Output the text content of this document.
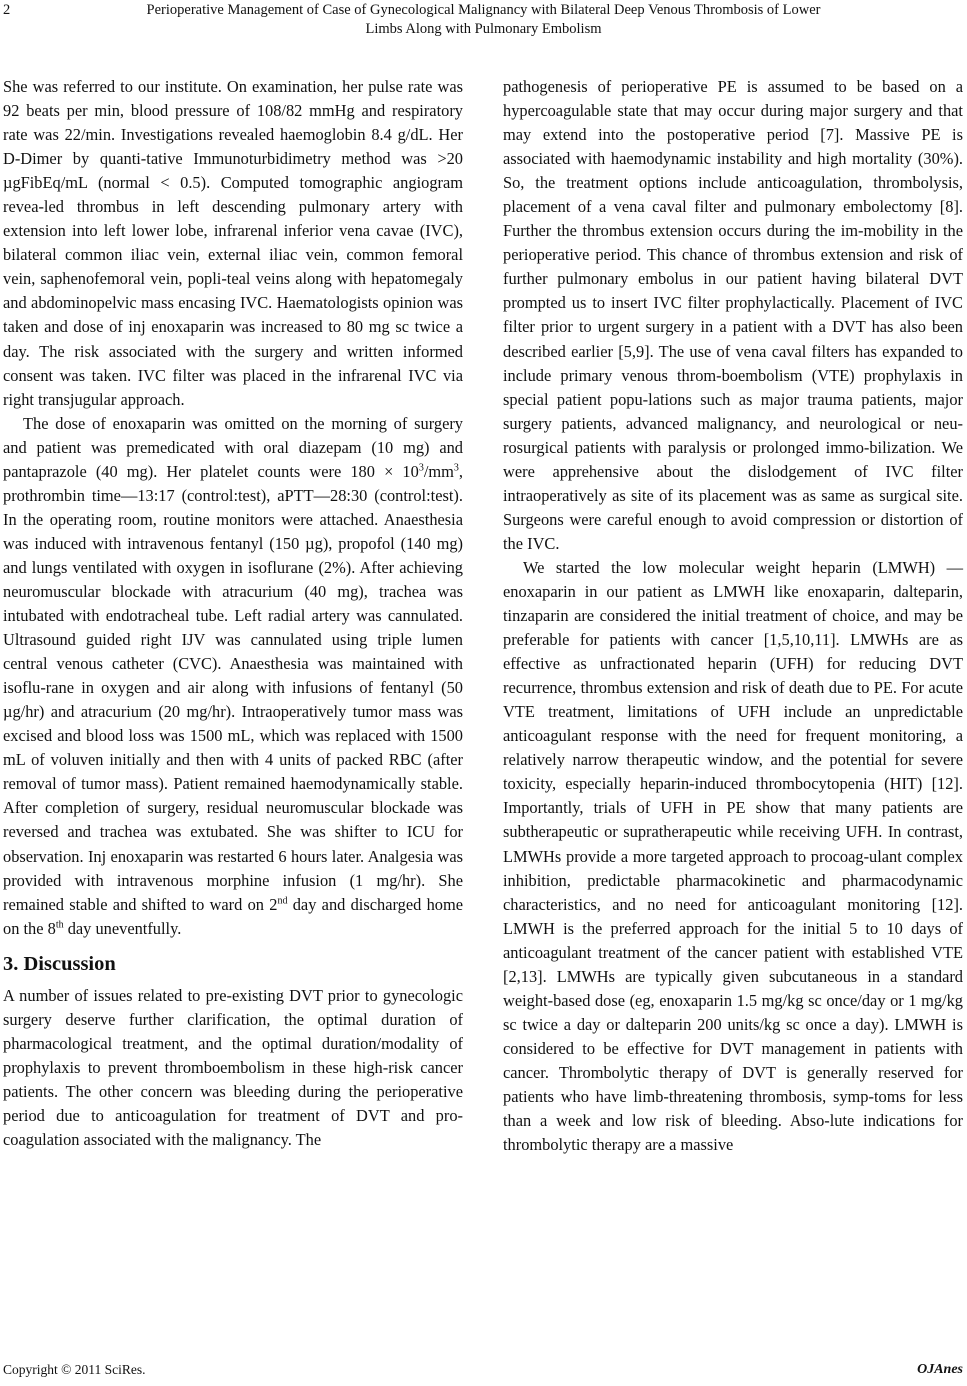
2	Perioperative Management of Case of Gynecological Malignancy with Bilateral Deep Venous Thrombosis of Lower
Limbs Along with Pulmonary Embolism

She was referred to our institute. On examination, her pulse rate was 92 beats per min, blood pressure of 108/82 mmHg and respiratory rate was 22/min. Investigations revealed haemoglobin 8.4 g/dL. Her D-Dimer by quanti-tative Immunoturbidimetry method was >20 µgFibEq/mL (normal < 0.5). Computed tomographic angiogram revea-led thrombus in left descending pulmonary artery with extension into left lower lobe, infrarenal inferior vena cavae (IVC), bilateral common iliac vein, external iliac vein, common femoral vein, saphenofemoral vein, popli-teal veins along with hepatomegaly and abdominopelvic mass encasing IVC. Haematologists opinion was taken and dose of inj enoxaparin was increased to 80 mg sc twice a day. The risk associated with the surgery and written informed consent was taken. IVC filter was placed in the infrarenal IVC via right transjugular approach.

The dose of enoxaparin was omitted on the morning of surgery and patient was premedicated with oral diazepam (10 mg) and pantaprazole (40 mg). Her platelet counts were $180 \times 10^3/mm^3$, prothrombin time—13:17 (control:test), aPTT—28:30 (control:test). In the operating room, routine monitors were attached. Anaesthesia was induced with intravenous fentanyl (150 µg), propofol (140 mg) and lungs ventilated with oxygen in isoflurane (2%). After achieving neuromuscular blockade with atracurium (40 mg), trachea was intubated with endotracheal tube. Left radial artery was cannulated. Ultrasound guided right IJV was cannulated using triple lumen central venous catheter (CVC). Anaesthesia was maintained with isoflu-rane in oxygen and air along with infusions of fentanyl (50 µg/hr) and atracurium (20 mg/hr). Intraoperatively tumor mass was excised and blood loss was 1500 mL, which was replaced with 1500 mL of voluven initially and then with 4 units of packed RBC (after removal of tumor mass). Patient remained haemodynamically stable. After completion of surgery, residual neuromuscular blockade was reversed and trachea was extubated. She was shifter to ICU for observation. Inj enoxaparin was restarted 6 hours later. Analgesia was provided with intravenous morphine infusion (1 mg/hr). She remained stable and shifted to ward on 2nd day and discharged home on the 8th day uneventfully.

3. Discussion

A number of issues related to pre-existing DVT prior to gynecologic surgery deserve further clarification, the optimal duration of pharmacological treatment, and the optimal duration/modality of prophylaxis to prevent thromboembolism in these high-risk cancer patients. The other concern was bleeding during the perioperative period due to anticoagulation for treatment of DVT and pro-coagulation associated with the malignancy. The

pathogenesis of perioperative PE is assumed to be based on a hypercoagulable state that may occur during major surgery and that may extend into the postoperative period [7]. Massive PE is associated with haemodynamic instability and high mortality (30%). So, the treatment options include anticoagulation, thrombolysis, placement of a vena caval filter and pulmonary embolectomy [8]. Further the thrombus extension occurs during the im-mobility in the perioperative period. This chance of thrombus extension and risk of further pulmonary embolus in our patient having bilateral DVT prompted us to insert IVC filter prophylactically. Placement of IVC filter prior to urgent surgery in a patient with a DVT has also been described earlier [5,9]. The use of vena caval filters has expanded to include primary venous throm-boembolism (VTE) prophylaxis in special patient popu-lations such as major trauma patients, major surgery patients, advanced malignancy, and neurological or neu-rosurgical patients with paralysis or prolonged immo-bilization. We were apprehensive about the dislodgement of IVC filter intraoperatively as site of its placement was as same as surgical site. Surgeons were careful enough to avoid compression or distortion of the IVC.

We started the low molecular weight heparin (LMWH) —enoxaparin in our patient as LMWH like enoxaparin, dalteparin, tinzaparin are considered the initial treatment of choice, and may be preferable for patients with cancer [1,5,10,11]. LMWHs are as effective as unfractionated heparin (UFH) for reducing DVT recurrence, thrombus extension and risk of death due to PE. For acute VTE treatment, limitations of UFH include an unpredictable anticoagulant response with the need for frequent monitoring, a relatively narrow therapeutic window, and the potential for severe toxicity, especially heparin-induced thrombocytopenia (HIT) [12]. Importantly, trials of UFH in PE show that many patients are subtherapeutic or supratherapeutic while receiving UFH. In contrast, LMWHs provide a more targeted approach to procoag-ulant complex inhibition, predictable pharmacokinetic and pharmacodynamic characteristics, and no need for anticoagulant monitoring [12]. LMWH is the preferred approach for the initial 5 to 10 days of anticoagulant treatment of the cancer patient with established VTE [2,13]. LMWHs are typically given subcutaneous in a standard weight-based dose (eg, enoxaparin 1.5 mg/kg sc once/day or 1 mg/kg sc twice a day or dalteparin 200 units/kg sc once a day). LMWH is considered to be effective for DVT management in patients with cancer. Thrombolytic therapy of DVT is generally reserved for patients who have limb-threatening thrombosis, symp-toms for less than a week and low risk of bleeding. Abso-lute indications for thrombolytic therapy are a massive

Copyright © 2011 SciRes.	OJAnes
